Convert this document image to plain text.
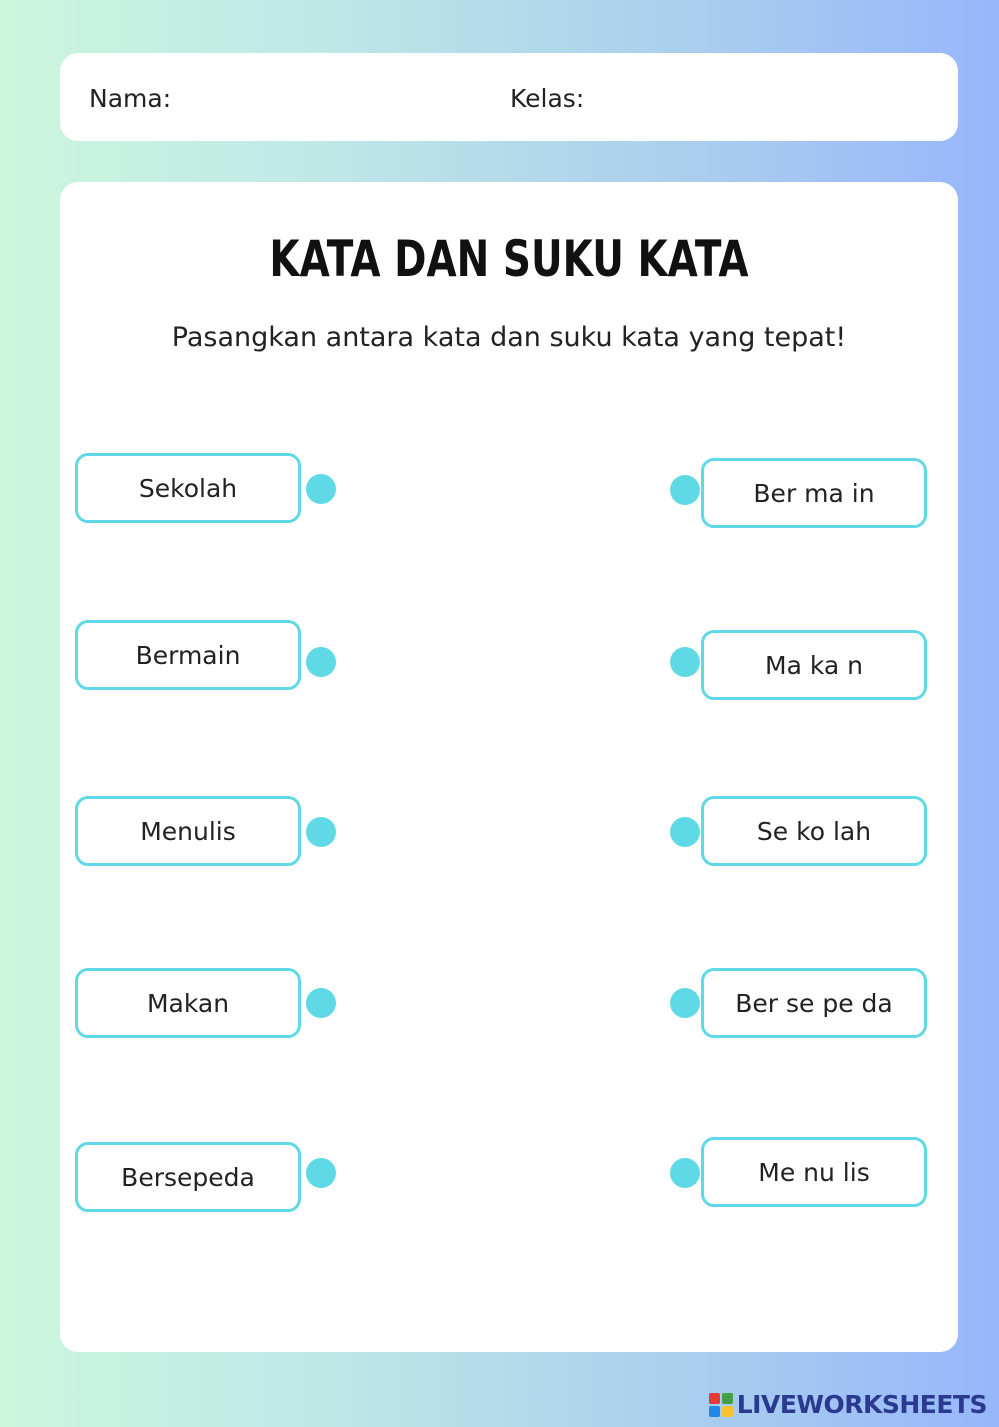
Nama:	Kelas:
KATA DAN SUKU KATA
Pasangkan antara kata dan suku kata yang tepat!
Sekolah
Bermain
Menulis
Makan
Bersepeda
Ber ma in
Ma ka n
Se ko lah
Ber se pe da
Me nu lis
LIVEWORKSHEETS
